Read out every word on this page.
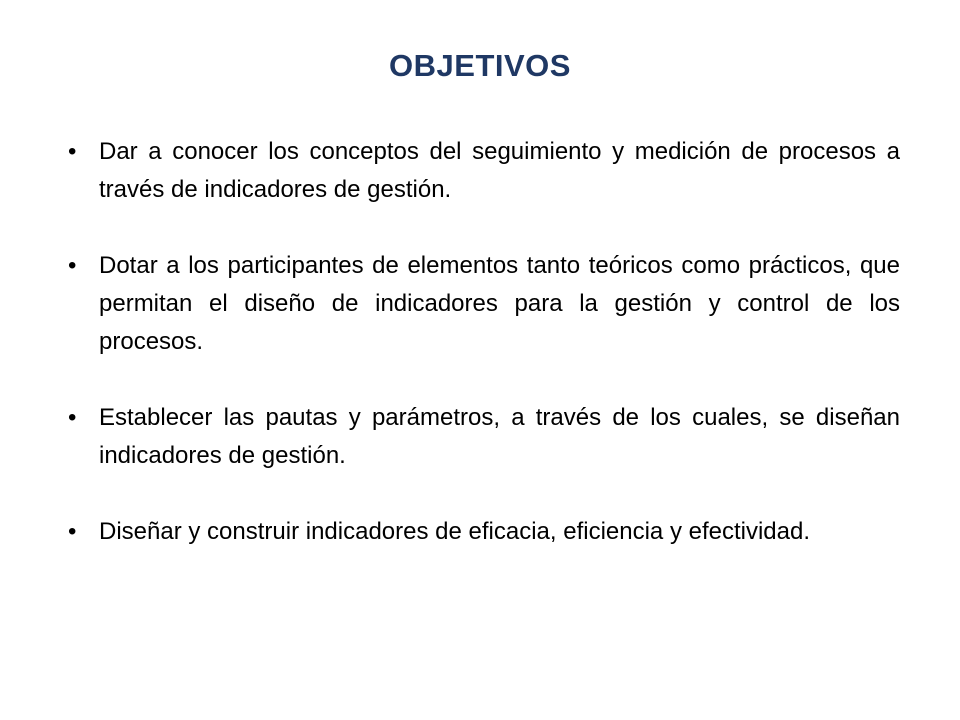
OBJETIVOS
• Dar a conocer los conceptos del seguimiento y medición de procesos a través de indicadores de gestión.
• Dotar a los participantes de elementos tanto teóricos como prácticos, que permitan el diseño de indicadores para la gestión y control de los procesos.
• Establecer las pautas y parámetros, a través de los cuales, se diseñan indicadores de gestión.
• Diseñar y construir indicadores de eficacia, eficiencia y efectividad.
